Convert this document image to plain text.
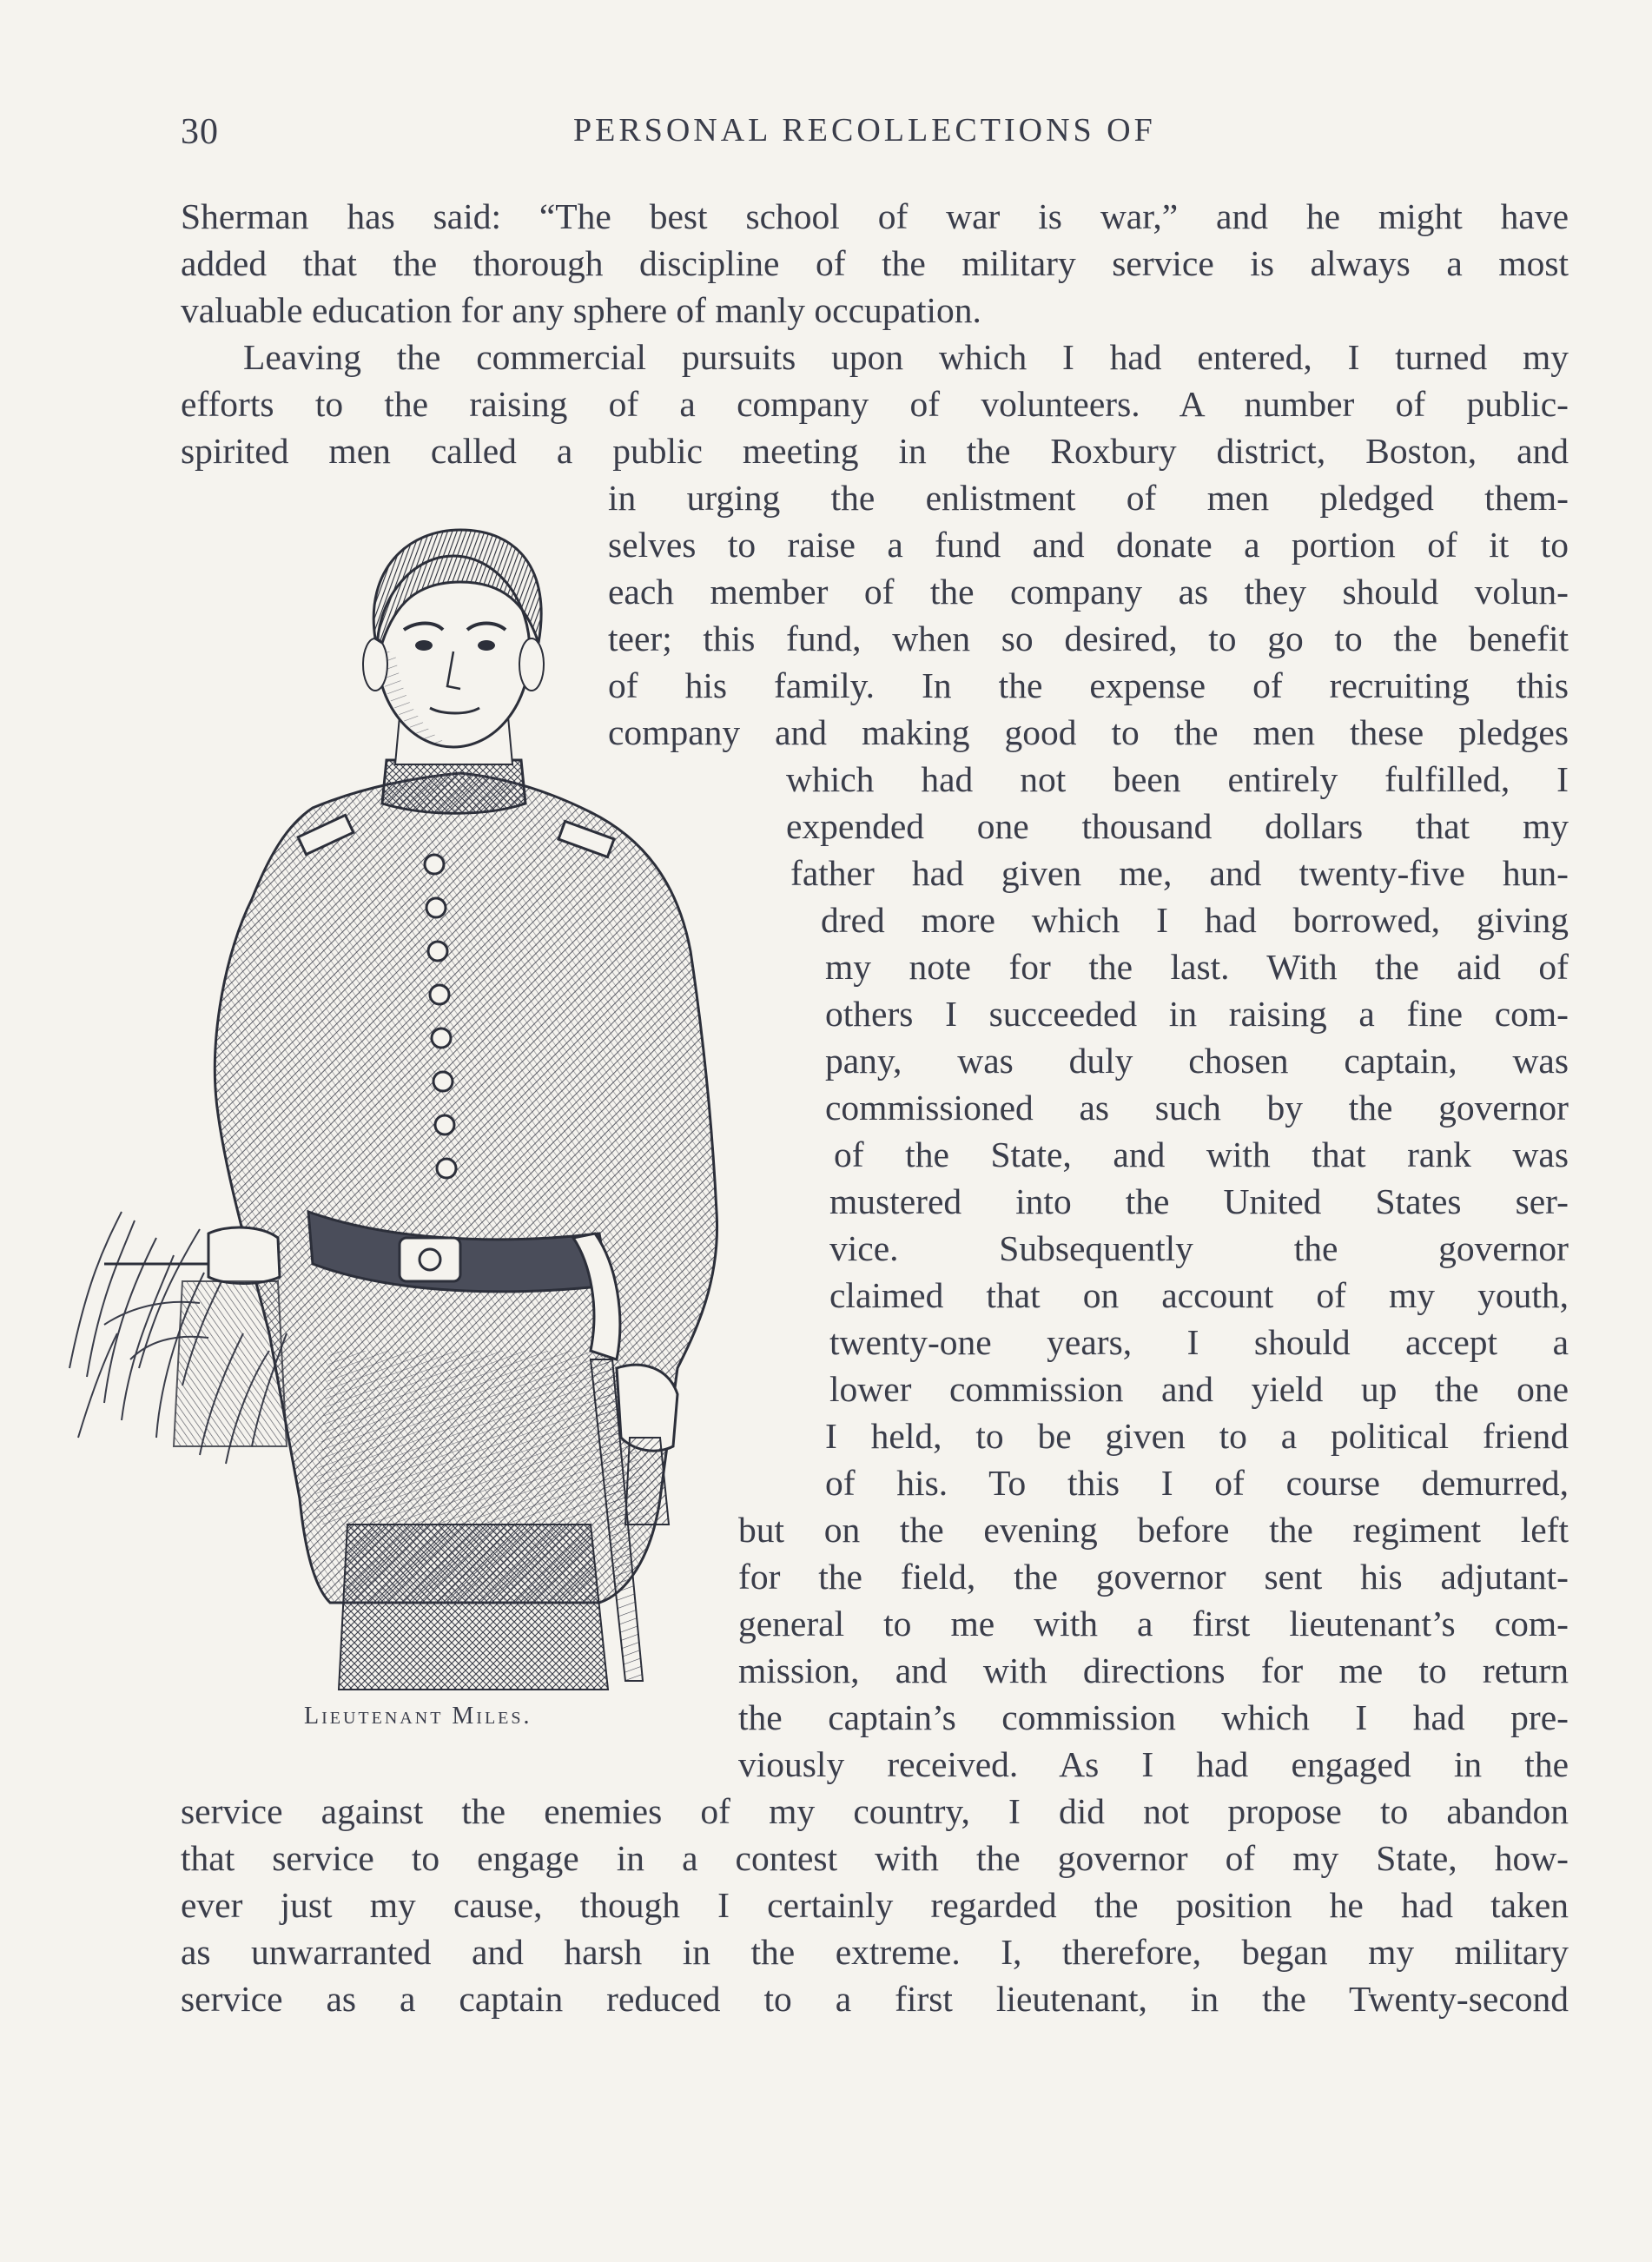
30	PERSONAL RECOLLECTIONS OF
Sherman has said: “The best school of war is war,” and he might have
added that the thorough discipline of the military service is always a most
valuable education for any sphere of manly occupation.
Leaving the commercial pursuits upon which I had entered, I turned my
efforts to the raising of a company of volunteers. A number of public-
spirited men called a public meeting in the Roxbury district, Boston, and
in urging the enlistment of men pledged them-
selves to raise a fund and donate a portion of it to
each member of the company as they should volun-
teer; this fund, when so desired, to go to the benefit
of his family. In the expense of recruiting this
company and making good to the men these pledges
which had not been entirely fulfilled, I
expended one thousand dollars that my
father had given me, and twenty-five hun-
dred more which I had borrowed, giving
my note for the last. With the aid of
others I succeeded in raising a fine com-
pany, was duly chosen captain, was
commissioned as such by the governor
of the State, and with that rank was
mustered into the United States ser-
vice. Subsequently the governor
claimed that on account of my youth,
twenty-one years, I should accept a
lower commission and yield up the one
I held, to be given to a political friend
of his. To this I of course demurred,
but on the evening before the regiment left
for the field, the governor sent his adjutant-
general to me with a first lieutenant’s com-
mission, and with directions for me to return
the captain’s commission which I had pre-
viously received. As I had engaged in the
service against the enemies of my country, I did not propose to abandon
that service to engage in a contest with the governor of my State, how-
ever just my cause, though I certainly regarded the position he had taken
as unwarranted and harsh in the extreme. I, therefore, began my military
service as a captain reduced to a first lieutenant, in the Twenty-second
Lieutenant Miles.
